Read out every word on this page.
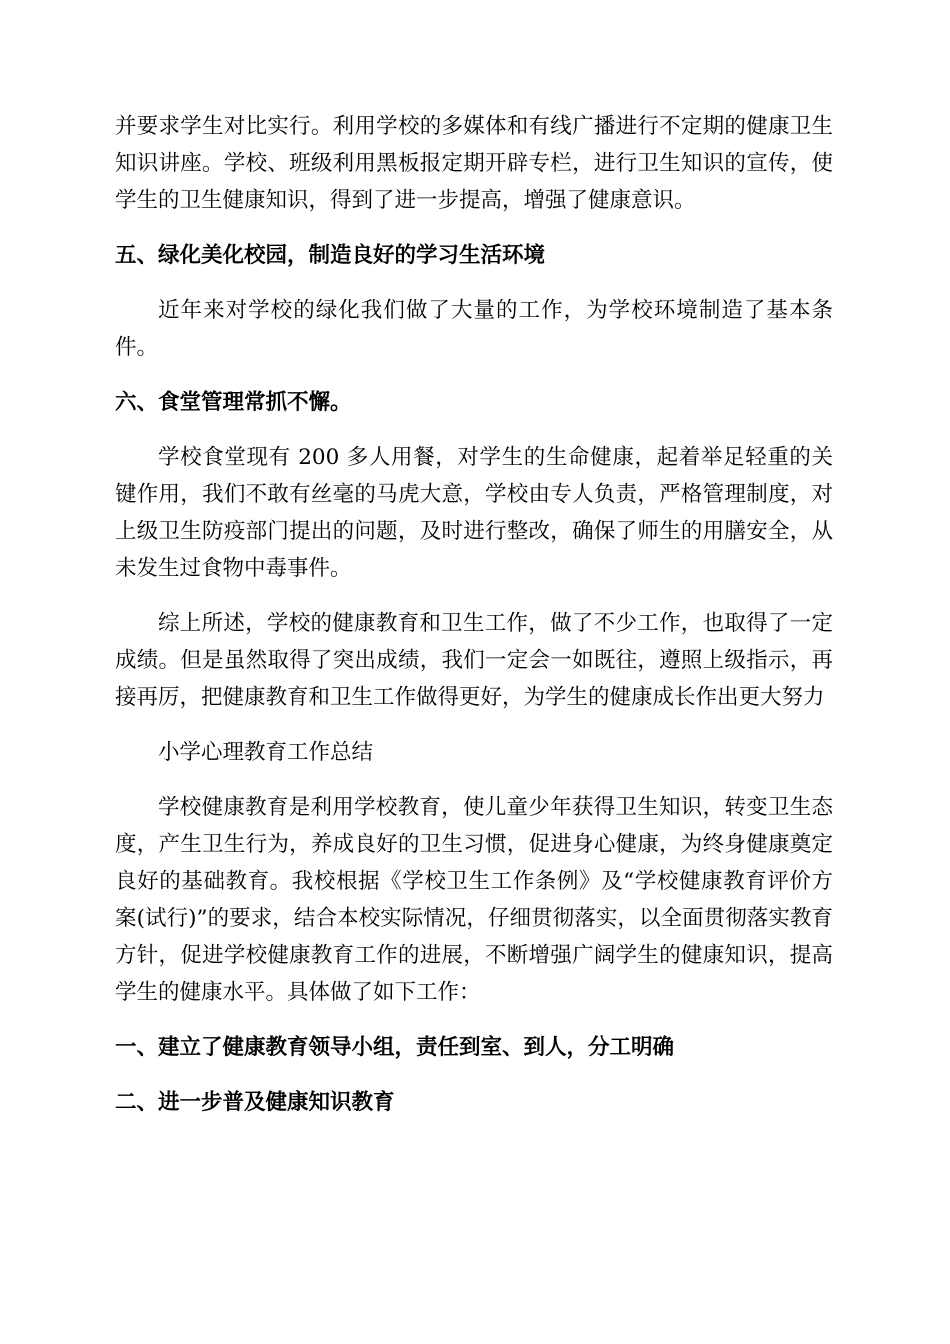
并要求学生对比实行。利用学校的多媒体和有线广播进行不定期的健康卫生知识讲座。学校、班级利用黑板报定期开辟专栏，进行卫生知识的宣传，使学生的卫生健康知识，得到了进一步提高，增强了健康意识。

五、绿化美化校园，制造良好的学习生活环境

近年来对学校的绿化我们做了大量的工作，为学校环境制造了基本条件。

六、食堂管理常抓不懈。

学校食堂现有 200 多人用餐，对学生的生命健康，起着举足轻重的关键作用，我们不敢有丝毫的马虎大意，学校由专人负责，严格管理制度，对上级卫生防疫部门提出的问题，及时进行整改，确保了师生的用膳安全，从未发生过食物中毒事件。

综上所述，学校的健康教育和卫生工作，做了不少工作，也取得了一定成绩。但是虽然取得了突出成绩，我们一定会一如既往，遵照上级指示，再接再厉，把健康教育和卫生工作做得更好，为学生的健康成长作出更大努力

小学心理教育工作总结

学校健康教育是利用学校教育，使儿童少年获得卫生知识，转变卫生态度，产生卫生行为，养成良好的卫生习惯，促进身心健康，为终身健康奠定良好的基础教育。我校根据《学校卫生工作条例》及“学校健康教育评价方案(试行)”的要求，结合本校实际情况，仔细贯彻落实，以全面贯彻落实教育方针，促进学校健康教育工作的进展，不断增强广阔学生的健康知识，提高学生的健康水平。具体做了如下工作：

一、建立了健康教育领导小组，责任到室、到人，分工明确

二、进一步普及健康知识教育
